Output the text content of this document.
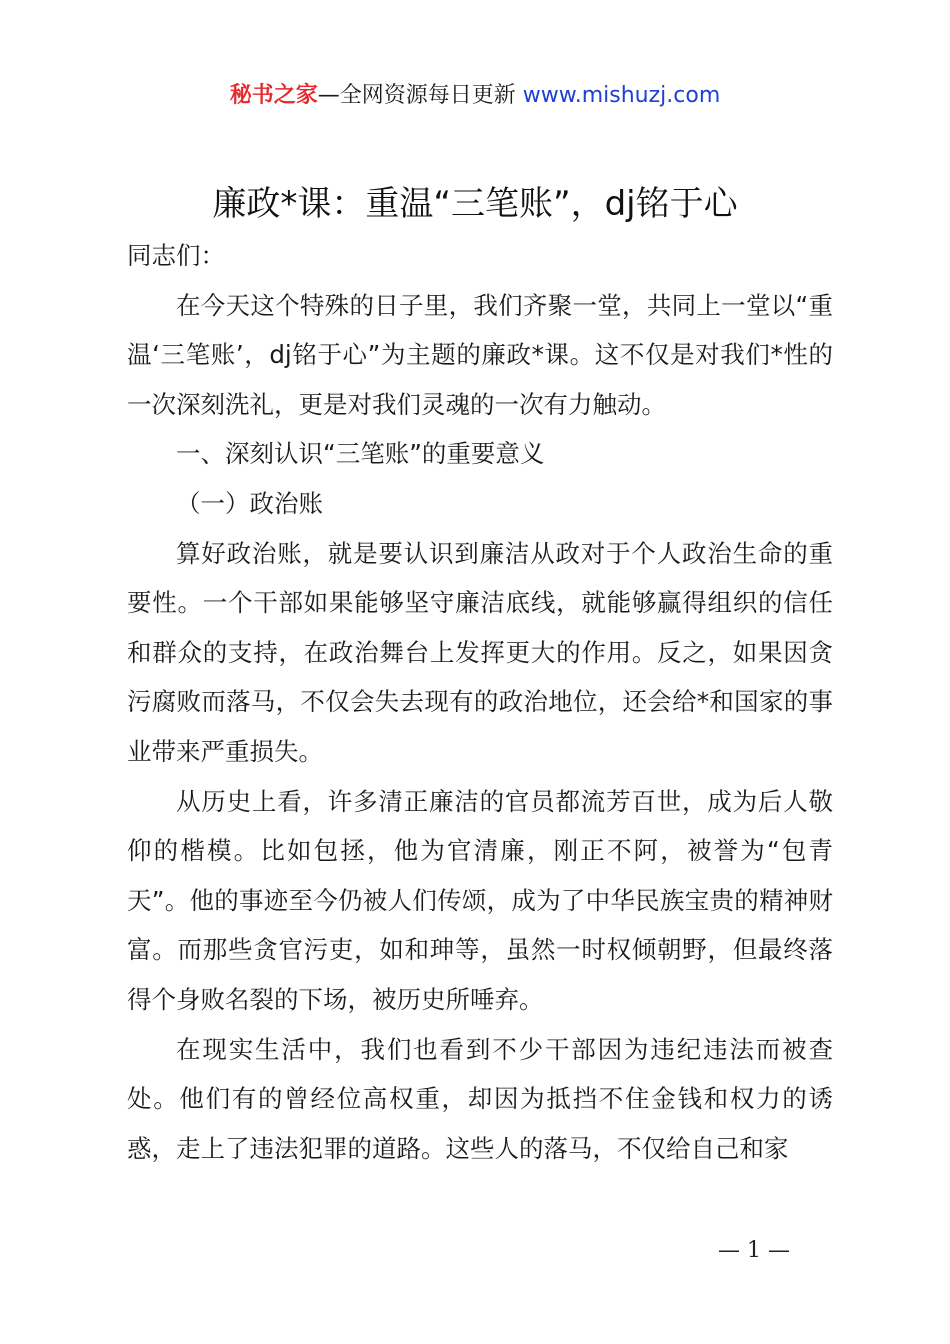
秘书之家—全网资源每日更新 www.mishuzj.com
廉政*课：重温“三笔账”，dj铭于心

同志们：

在今天这个特殊的日子里，我们齐聚一堂，共同上一堂以“重温‘三笔账’，dj铭于心”为主题的廉政*课。这不仅是对我们*性的一次深刻洗礼，更是对我们灵魂的一次有力触动。

一、深刻认识“三笔账”的重要意义

（一）政治账

算好政治账，就是要认识到廉洁从政对于个人政治生命的重要性。一个干部如果能够坚守廉洁底线，就能够赢得组织的信任和群众的支持，在政治舞台上发挥更大的作用。反之，如果因贪污腐败而落马，不仅会失去现有的政治地位，还会给*和国家的事业带来严重损失。

从历史上看，许多清正廉洁的官员都流芳百世，成为后人敬仰的楷模。比如包拯，他为官清廉，刚正不阿，被誉为“包青天”。他的事迹至今仍被人们传颂，成为了中华民族宝贵的精神财富。而那些贪官污吏，如和珅等，虽然一时权倾朝野，但最终落得个身败名裂的下场，被历史所唾弃。

在现实生活中，我们也看到不少干部因为违纪违法而被查处。他们有的曾经位高权重，却因为抵挡不住金钱和权力的诱惑，走上了违法犯罪的道路。这些人的落马，不仅给自己和家

— 1 —
